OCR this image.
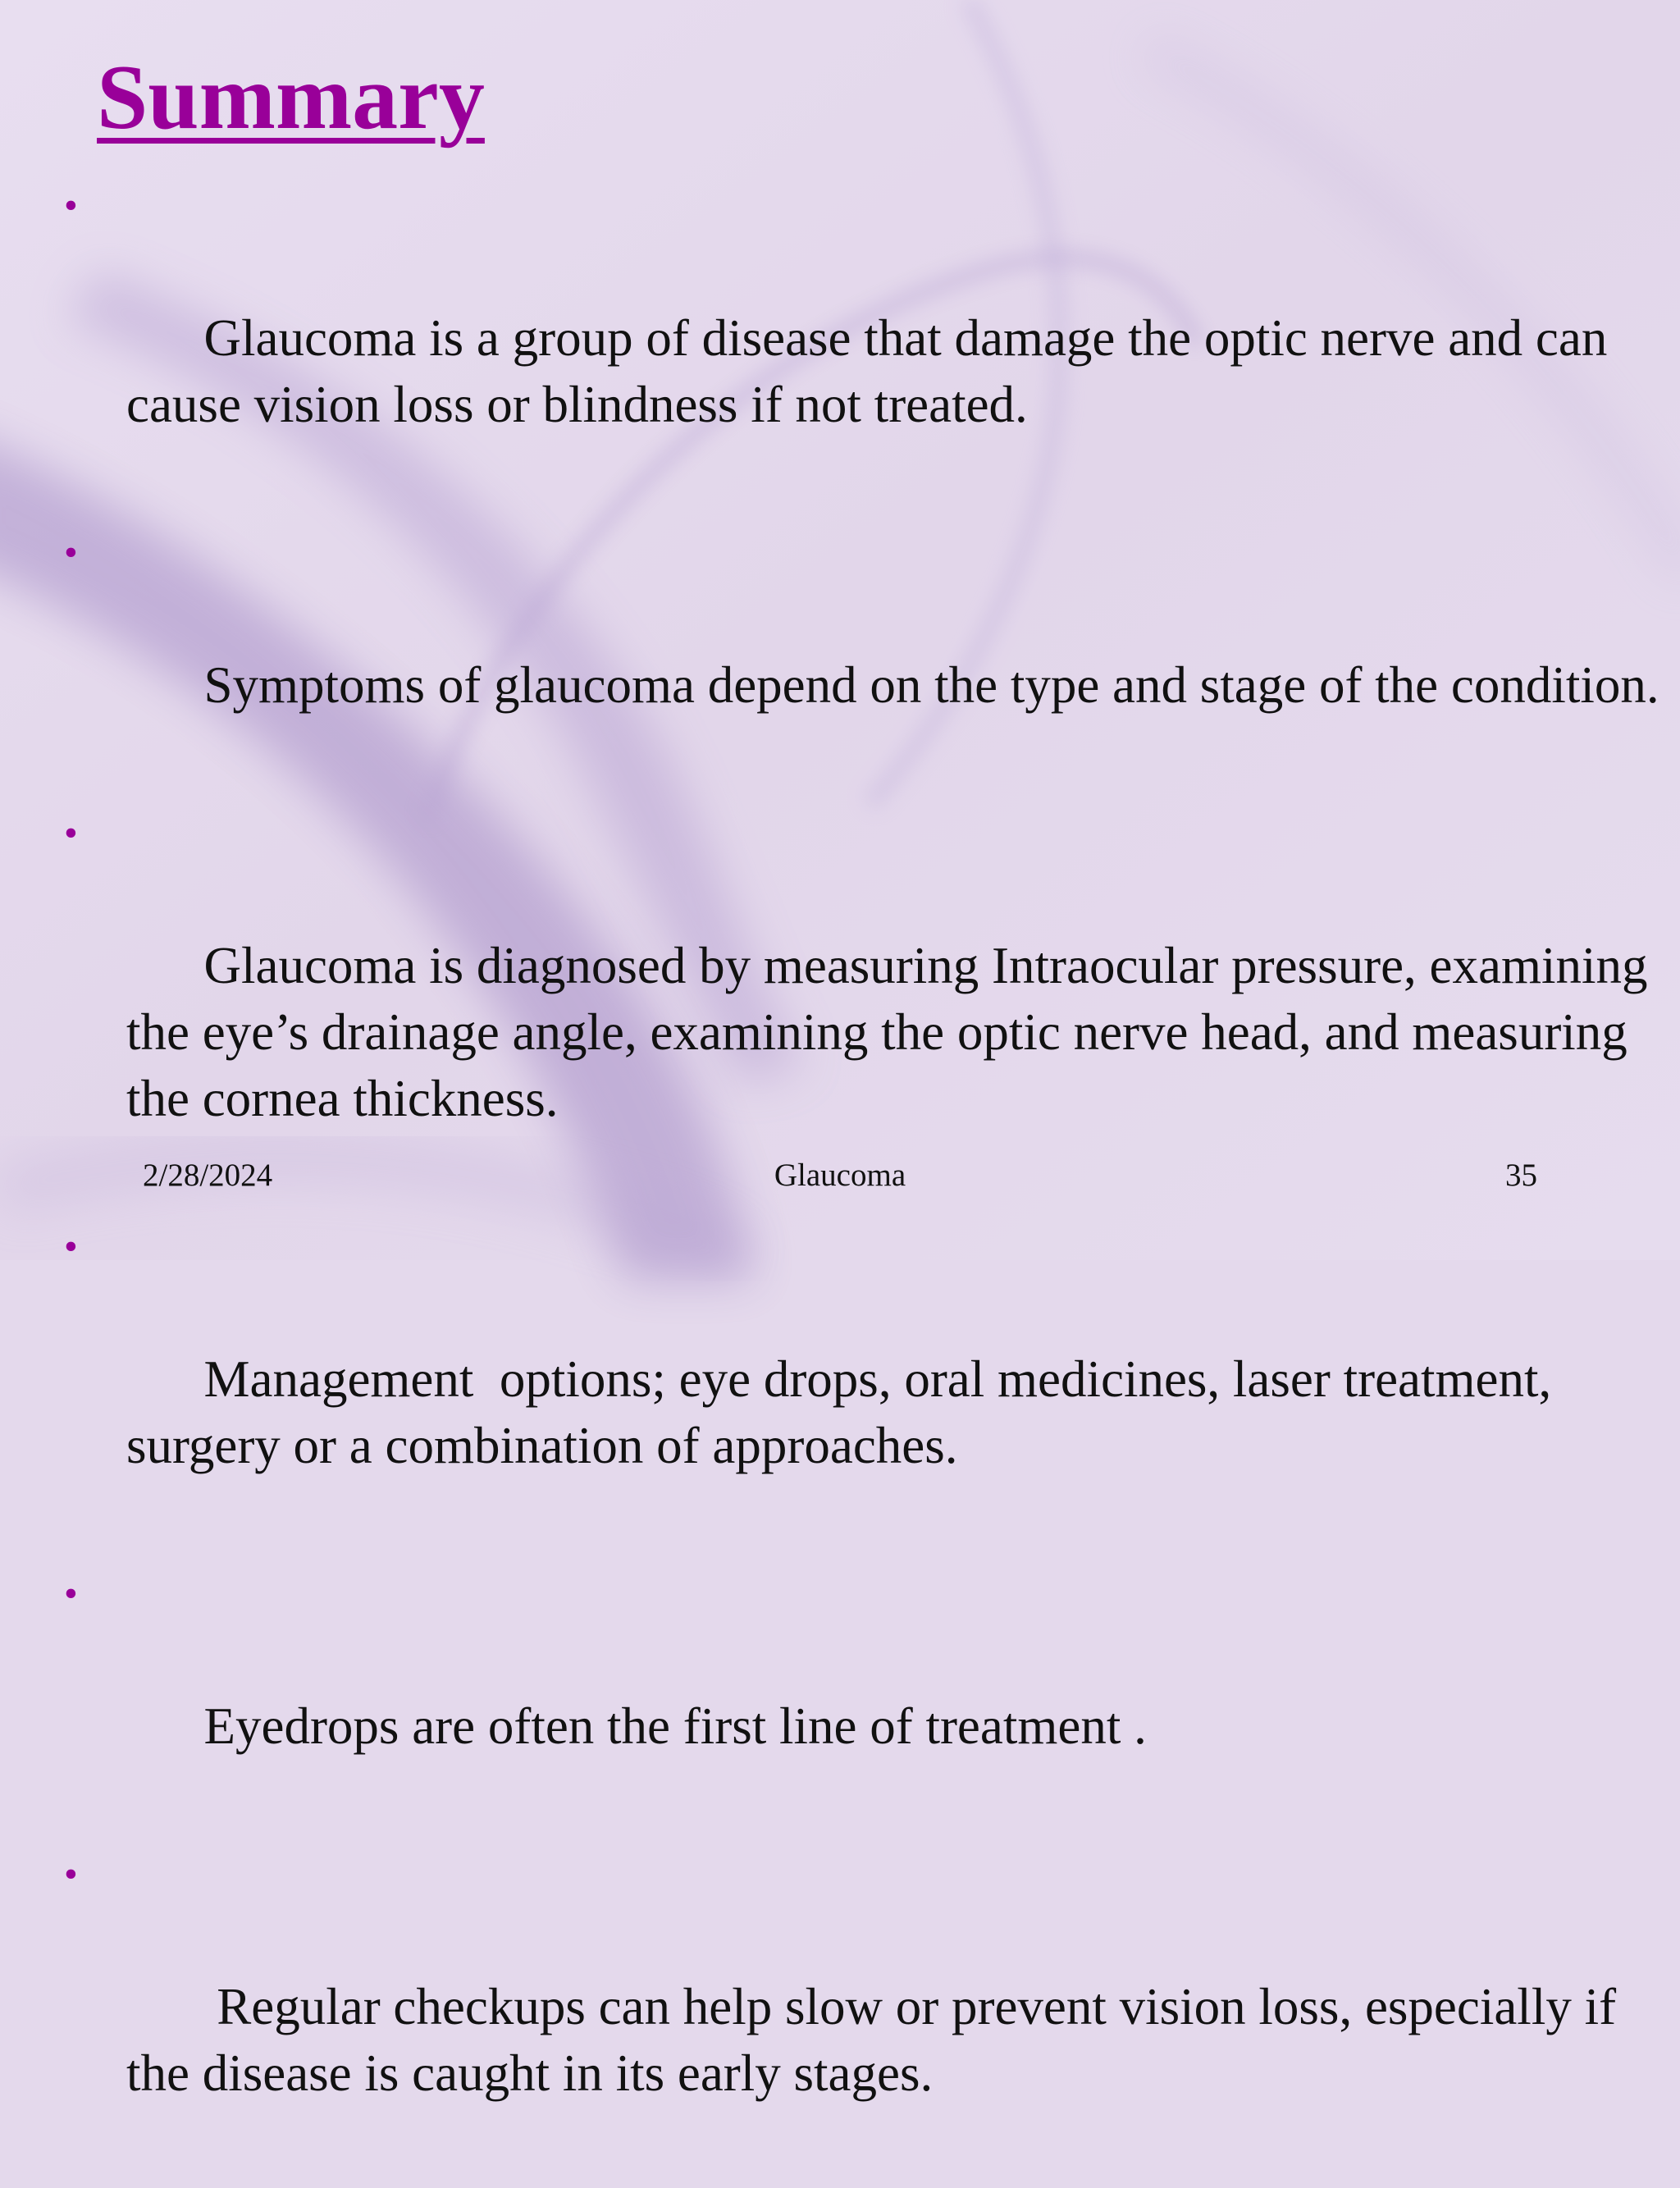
Summary

•

Glaucoma is a group of disease that damage the optic nerve and can cause vision loss or blindness if not treated.

•

Symptoms of glaucoma depend on the type and stage of the condition.

•

Glaucoma is diagnosed by measuring Intraocular pressure, examining the eye’s drainage angle, examining the optic nerve head, and measuring the cornea thickness.

•

Management  options; eye drops, oral medicines, laser treatment, surgery or a combination of approaches.

•

Eyedrops are often the first line of treatment .

•

Regular checkups can help slow or prevent vision loss, especially if the disease is caught in its early stages.

2/28/2024	Glaucoma	35
